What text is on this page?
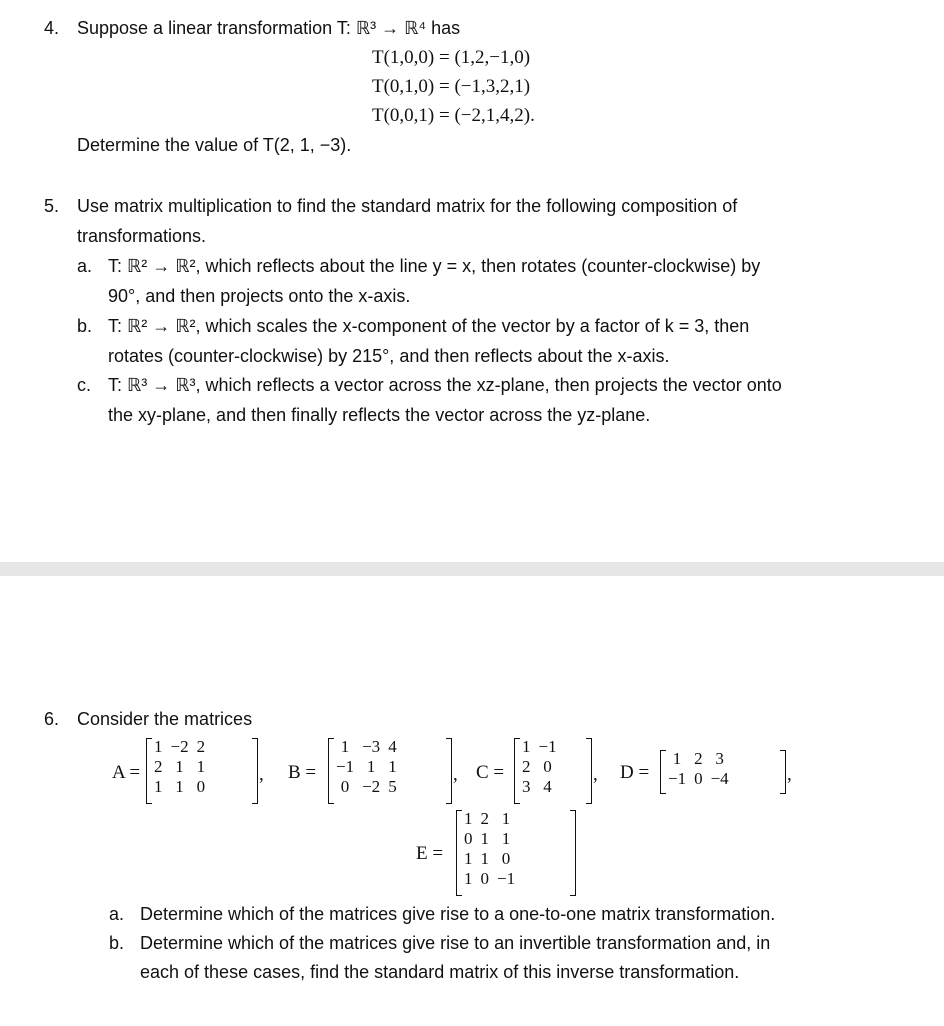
4. Suppose a linear transformation T: ℝ³ → ℝ⁴ has
T(1,0,0) = (1,2,−1,0)
T(0,1,0) = (−1,3,2,1)
T(0,0,1) = (−2,1,4,2).
Determine the value of T(2, 1, −3).
5. Use matrix multiplication to find the standard matrix for the following composition of
transformations.
a. T: ℝ² → ℝ², which reflects about the line y = x, then rotates (counter-clockwise) by
90°, and then projects onto the x-axis.
b. T: ℝ² → ℝ², which scales the x-component of the vector by a factor of k = 3, then
rotates (counter-clockwise) by 215°, and then reflects about the x-axis.
c. T: ℝ³ → ℝ³, which reflects a vector across the xz-plane, then projects the vector onto
the xy-plane, and then finally reflects the vector across the yz-plane.
6. Consider the matrices
A =
1	−2	2
2	1	1
1	1	0
, B =
1	−3	4
−1	1	1
0	−2	5
, C =
1	−1
2	0
3	4
, D =
1	2	3
−1	0	−4	,
E =
1	2	1
0	1	1
1	1	0
1	0	−1
a. Determine which of the matrices give rise to a one-to-one matrix transformation.
b. Determine which of the matrices give rise to an invertible transformation and, in
each of these cases, find the standard matrix of this inverse transformation.
